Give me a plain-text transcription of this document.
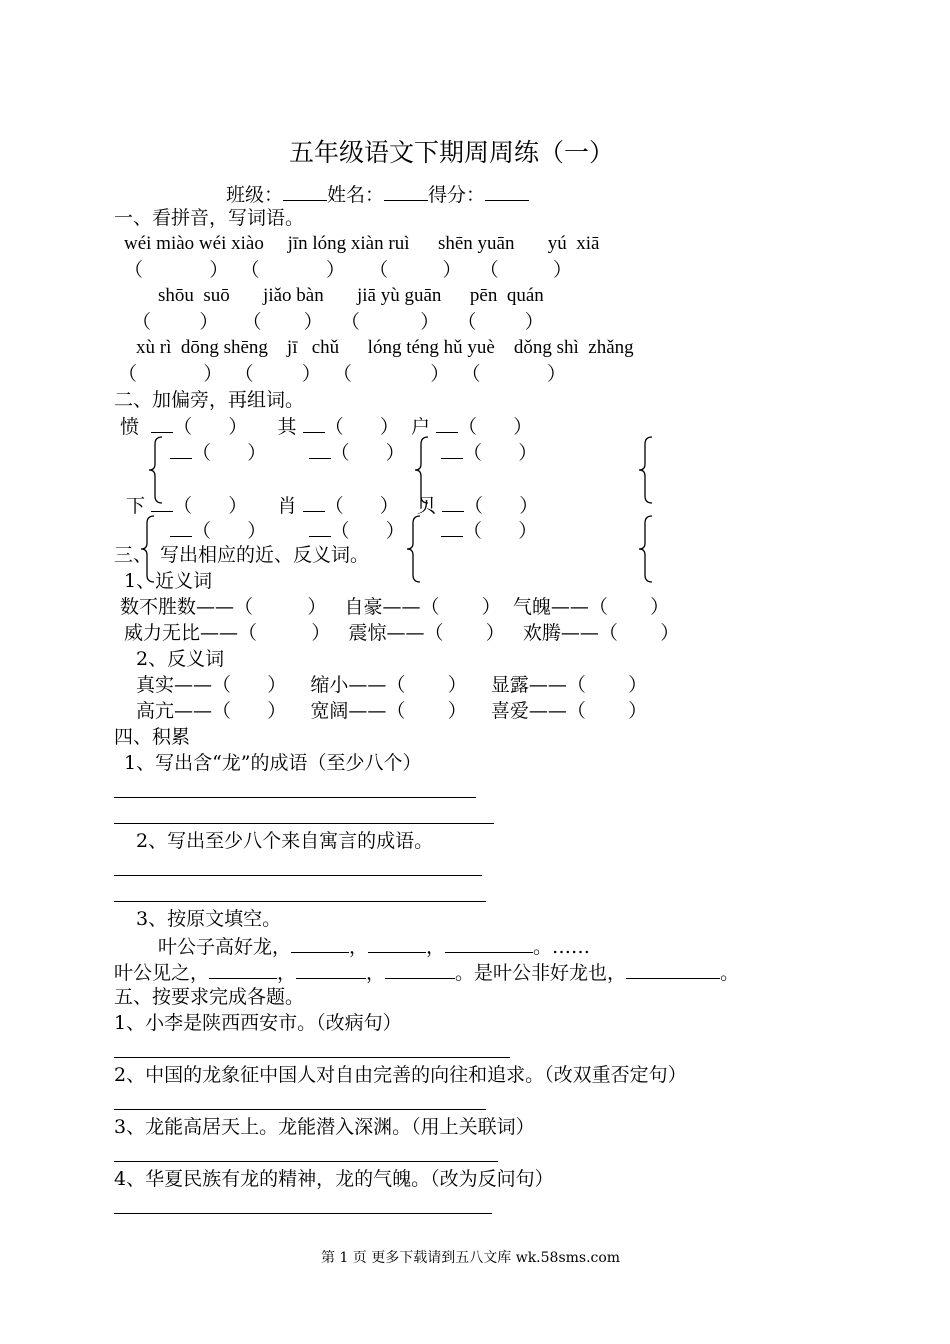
五年级语文下期周周练（一）
班级： 姓名： 得分：
一、看拼音，写词语。
wéi miào wéi xiào     jīn lóng xiàn ruì      shēn yuān       yú  xiā
（           ）  （           ）    （         ）   （         ）
shōu  suō       jiǎo bàn       jiā yù guān      pēn  quán
（        ）    （       ）   （          ）   （        ）
xù rì  dōng shēng    jī   chǔ      lóng téng hǔ yuè    dǒng shì  zhǎng
（           ）  （        ）  （             ）  （           ）
二、加偏旁，再组词。
愤 （      ）     其 （      ）  户 （      ）
（      ）       （      ）      （      ）
下 （      ）     肖 （      ）   贝 （      ）
（      ）       （      ）      （      ）
三、 写出相应的近、反义词。
1、近义词
数不胜数——（         ）   自豪——（       ）  气魄——（       ）
威力无比——（         ）   震惊——（       ）   欢腾——（       ）
2、反义词
真实——（      ）    缩小——（       ）    显露——（       ）
高亢——（      ）    宽阔——（       ）    喜爱——（       ）
四、积累
1、写出含“龙”的成语（至少八个）
2、写出至少八个来自寓言的成语。
3、按原文填空。
叶公子高好龙，	，	，	。……
叶公见之，	，	，	。是叶公非好龙也，	。
五、按要求完成各题。
1、小李是陕西西安市。（改病句）
2、中国的龙象征中国人对自由完善的向往和追求。（改双重否定句）
3、龙能高居天上。龙能潜入深渊。（用上关联词）
4、华夏民族有龙的精神，龙的气魄。（改为反问句）
第 1 页 更多下载请到五八文库 wk.58sms.com
